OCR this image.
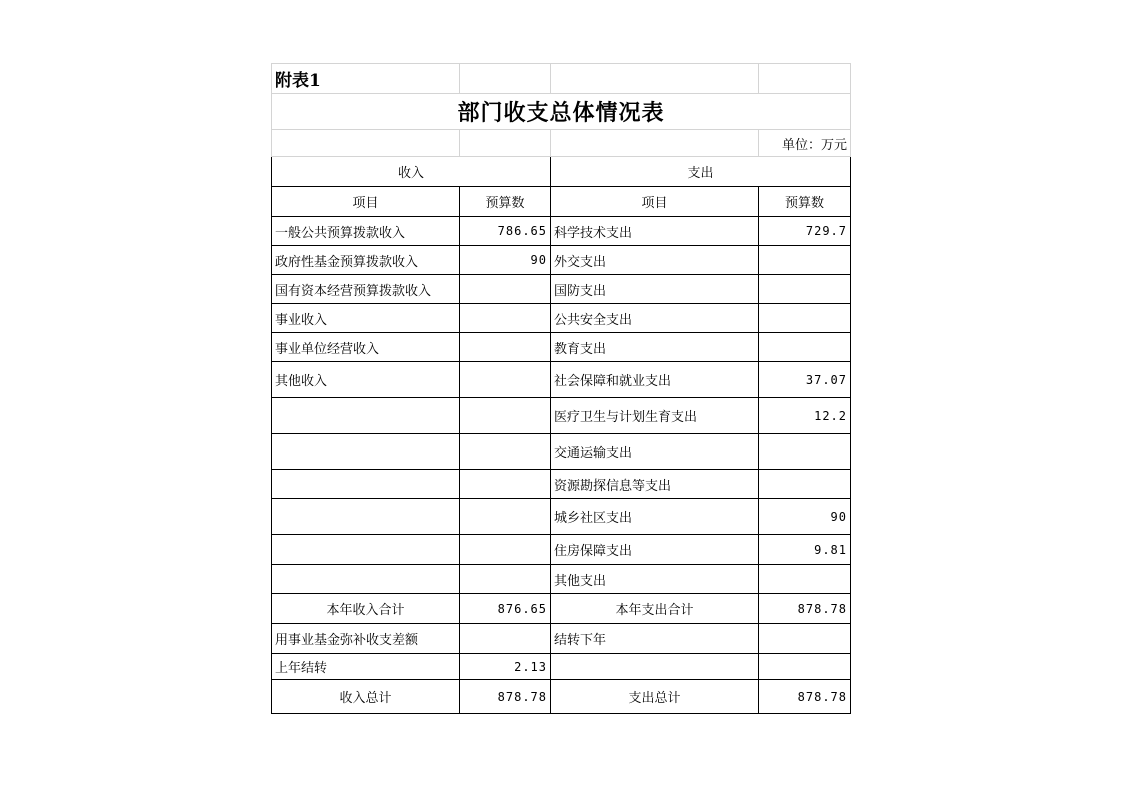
附表1			
部门收支总体情况表			
			单位：万元
收入		支出	
项目	预算数	项目	预算数
一般公共预算拨款收入	786.65	科学技术支出	729.7
政府性基金预算拨款收入	90	外交支出	
国有资本经营预算拨款收入		国防支出	
事业收入		公共安全支出	
事业单位经营收入		教育支出	
其他收入		社会保障和就业支出	37.07
		医疗卫生与计划生育支出	12.2
		交通运输支出	
		资源勘探信息等支出	
		城乡社区支出	90
		住房保障支出	9.81
		其他支出	
本年收入合计	876.65	本年支出合计	878.78
用事业基金弥补收支差额		结转下年	
上年结转	2.13		
收入总计	878.78	支出总计	878.78
